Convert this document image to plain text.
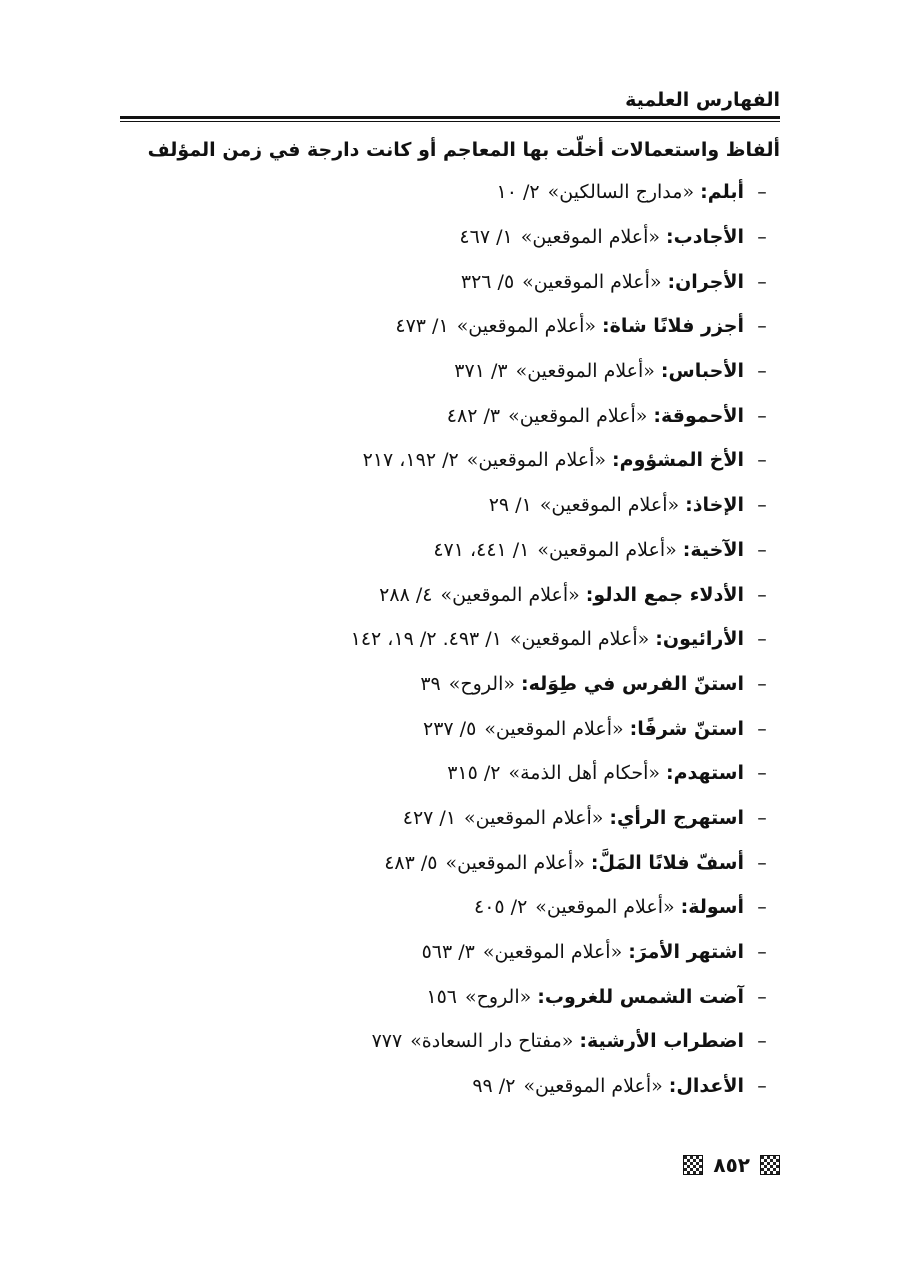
الفهارس العلمية
ألفاظ واستعمالات أخلّت بها المعاجم أو كانت دارجة في زمن المؤلف
–
أبلم
:
«مدارج السالكين»
٢/ ١٠
–
الأجادب
:
«أعلام الموقعين»
١/ ٤٦٧
–
الأجران
:
«أعلام الموقعين»
٥/ ٣٢٦
–
أجزر فلانًا شاة
:
«أعلام الموقعين»
١/ ٤٧٣
–
الأحباس
:
«أعلام الموقعين»
٣/ ٣٧١
–
الأحموقة
:
«أعلام الموقعين»
٣/ ٤٨٢
–
الأخ المشؤوم
:
«أعلام الموقعين»
٢/ ١٩٢، ٢١٧
–
الإخاذ
:
«أعلام الموقعين»
١/ ٢٩
–
الآخية
:
«أعلام الموقعين»
١/ ٤٤١، ٤٧١
–
الأدلاء جمع الدلو
:
«أعلام الموقعين»
٤/ ٢٨٨
–
الأرائيون
:
«أعلام الموقعين»
١/ ٤٩٣. ٢/ ١٩، ١٤٢
–
استنّ الفرس في طِوَله
:
«الروح»
٣٩
–
استنّ شرفًا
:
«أعلام الموقعين»
٥/ ٢٣٧
–
استهدم
:
«أحكام أهل الذمة»
٢/ ٣١٥
–
استهرج الرأي
:
«أعلام الموقعين»
١/ ٤٢٧
–
أسفّ فلانًا المَلَّ
:
«أعلام الموقعين»
٥/ ٤٨٣
–
أسولة
:
«أعلام الموقعين»
٢/ ٤٠٥
–
اشتهر الأمرَ
:
«أعلام الموقعين»
٣/ ٥٦٣
–
آضت الشمس للغروب
:
«الروح»
١٥٦
–
اضطراب الأرشية
:
«مفتاح دار السعادة»
٧٧٧
–
الأعدال
:
«أعلام الموقعين»
٢/ ٩٩
٨٥٢
